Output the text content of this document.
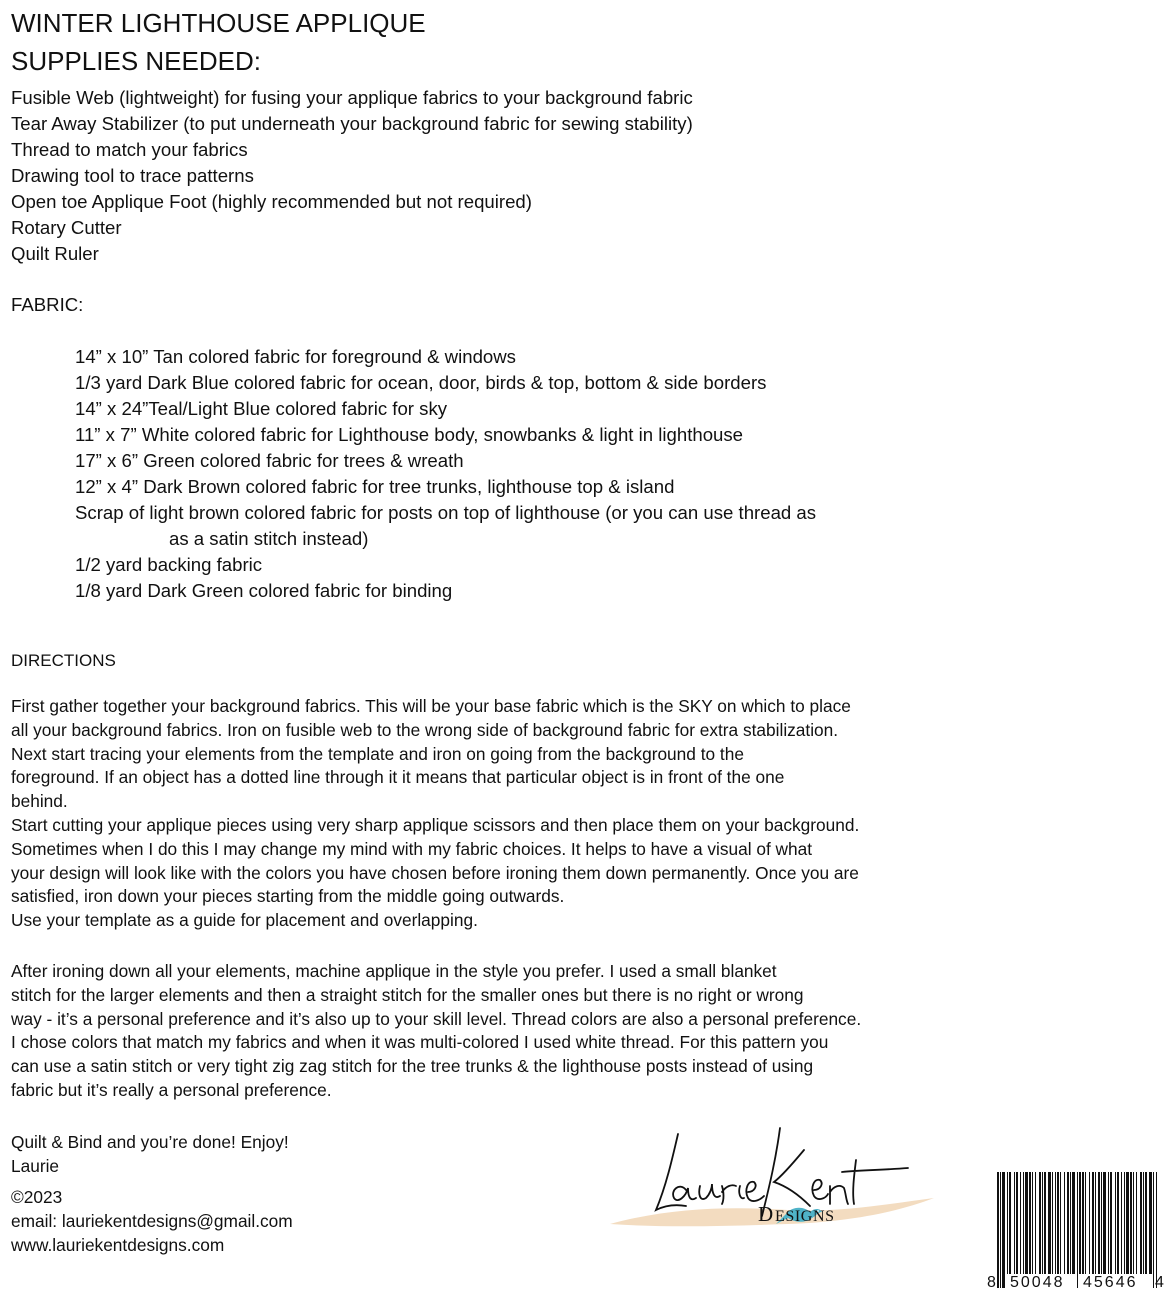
WINTER LIGHTHOUSE APPLIQUE
SUPPLIES NEEDED:
Fusible Web (lightweight) for fusing your applique fabrics to your background fabric
Tear Away Stabilizer (to put underneath your background fabric for sewing stability)
Thread to match your fabrics
Drawing tool to trace patterns
Open toe Applique Foot (highly recommended but not required)
Rotary Cutter
Quilt Ruler
FABRIC:
14” x 10” Tan colored fabric for foreground & windows
1/3 yard Dark Blue colored fabric for ocean, door, birds & top, bottom & side borders
14” x 24”Teal/Light Blue colored fabric for sky
11” x 7” White colored fabric for Lighthouse body, snowbanks & light in lighthouse
17” x 6” Green colored fabric for trees & wreath
12” x 4” Dark Brown colored fabric for tree trunks, lighthouse top & island
Scrap of light brown colored fabric for posts on top of lighthouse (or you can use thread as
as a satin stitch instead)
1/2 yard backing fabric
1/8 yard Dark Green colored fabric for binding
DIRECTIONS
First gather together your background fabrics. This will be your base fabric which is the SKY on which to place
all your background fabrics. Iron on fusible web to the wrong side of background fabric for extra stabilization.
Next start tracing your elements from the template and iron on going from the background to the
foreground. If an object has a dotted line through it it means that particular object is in front of the one
behind.
Start cutting your applique pieces using very sharp applique scissors and then place them on your background.
Sometimes when I do this I may change my mind with my fabric choices. It helps to have a visual of what
your design will look like with the colors you have chosen before ironing them down permanently. Once you are
satisfied, iron down your pieces starting from the middle going outwards.
Use your template as a guide for placement and overlapping.
After ironing down all your elements, machine applique in the style you prefer. I used a small blanket
stitch for the larger elements and then a straight stitch for the smaller ones but there is no right or wrong
way - it’s a personal preference and it’s also up to your skill level. Thread colors are also a personal preference.
I chose colors that match my fabrics and when it was multi-colored I used white thread. For this pattern you
can use a satin stitch or very tight zig zag stitch for the tree trunks & the lighthouse posts instead of using
fabric but it’s really a personal preference.
Quilt & Bind and you’re done! Enjoy!
Laurie
©2023
email: lauriekentdesigns@gmail.com
www.lauriekentdesigns.com
D ESIGNS
8 50048 45646 4
